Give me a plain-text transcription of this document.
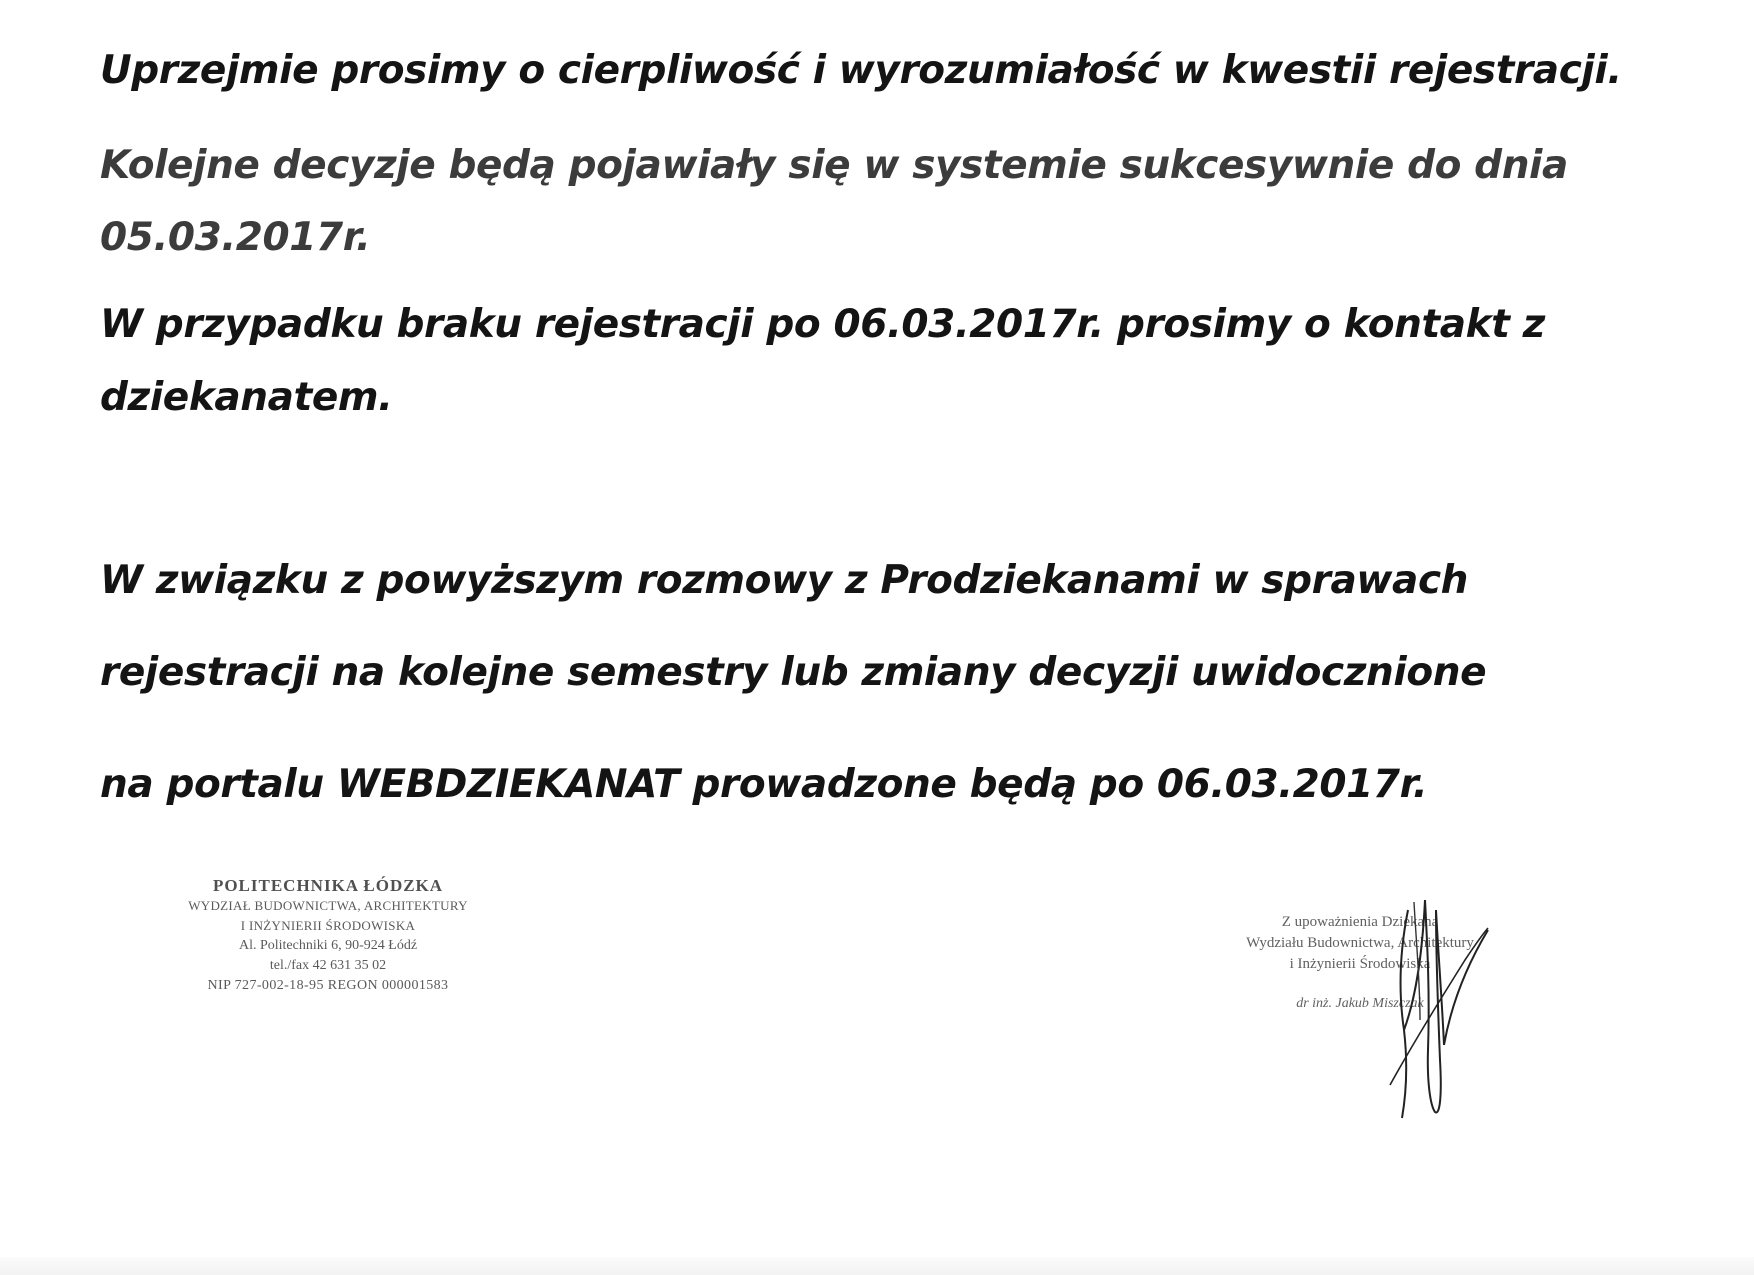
Uprzejmie prosimy o cierpliwość i wyrozumiałość w kwestii rejestracji.

Kolejne decyzje będą pojawiały się w systemie sukcesywnie do dnia

05.03.2017r.

W przypadku braku rejestracji po 06.03.2017r. prosimy o kontakt z

dziekanatem.

W związku z powyższym rozmowy z Prodziekanami w sprawach

rejestracji na kolejne semestry lub zmiany decyzji uwidocznione

na portalu WEBDZIEKANAT prowadzone będą po 06.03.2017r.

POLITECHNIKA ŁÓDZKA
WYDZIAŁ BUDOWNICTWA, ARCHITEKTURY
I INŻYNIERII ŚRODOWISKA
Al. Politechniki 6, 90-924 Łódź
tel./fax 42 631 35 02
NIP 727-002-18-95 REGON 000001583
Z upoważnienia Dziekana
Wydziału Budownictwa, Architektury
i Inżynierii Środowiska
dr inż. Jakub Miszczak
